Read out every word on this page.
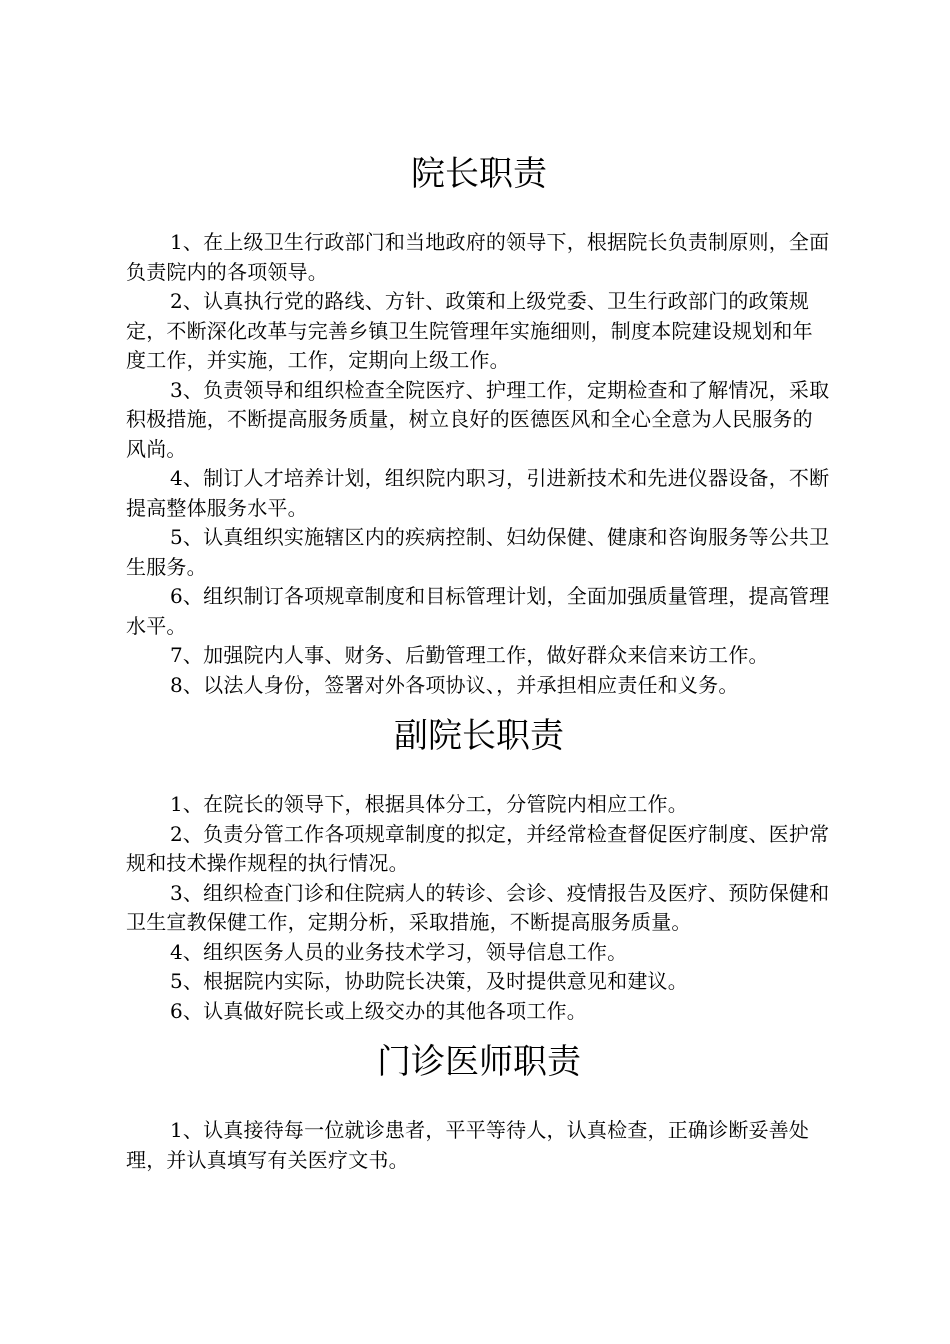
院长职责

1、在上级卫生行政部门和当地政府的领导下，根据院长负责制原则，全面负责院内的各项领导。

2、认真执行党的路线、方针、政策和上级党委、卫生行政部门的政策规定，不断深化改革与完善乡镇卫生院管理年实施细则，制度本院建设规划和年度工作，并实施，工作，定期向上级工作。

3、负责领导和组织检查全院医疗、护理工作，定期检查和了解情况，采取积极措施，不断提高服务质量，树立良好的医德医风和全心全意为人民服务的风尚。

4、制订人才培养计划，组织院内职习，引进新技术和先进仪器设备，不断提高整体服务水平。

5、认真组织实施辖区内的疾病控制、妇幼保健、健康和咨询服务等公共卫生服务。

6、组织制订各项规章制度和目标管理计划，全面加强质量管理，提高管理水平。

7、加强院内人事、财务、后勤管理工作，做好群众来信来访工作。

8、以法人身份，签署对外各项协议、，并承担相应责任和义务。

副院长职责

1、在院长的领导下，根据具体分工，分管院内相应工作。

2、负责分管工作各项规章制度的拟定，并经常检查督促医疗制度、医护常规和技术操作规程的执行情况。

3、组织检查门诊和住院病人的转诊、会诊、疫情报告及医疗、预防保健和卫生宣教保健工作，定期分析，采取措施，不断提高服务质量。

4、组织医务人员的业务技术学习，领导信息工作。

5、根据院内实际，协助院长决策，及时提供意见和建议。

6、认真做好院长或上级交办的其他各项工作。

门诊医师职责

1、认真接待每一位就诊患者，平平等待人，认真检查，正确诊断妥善处理，并认真填写有关医疗文书。
